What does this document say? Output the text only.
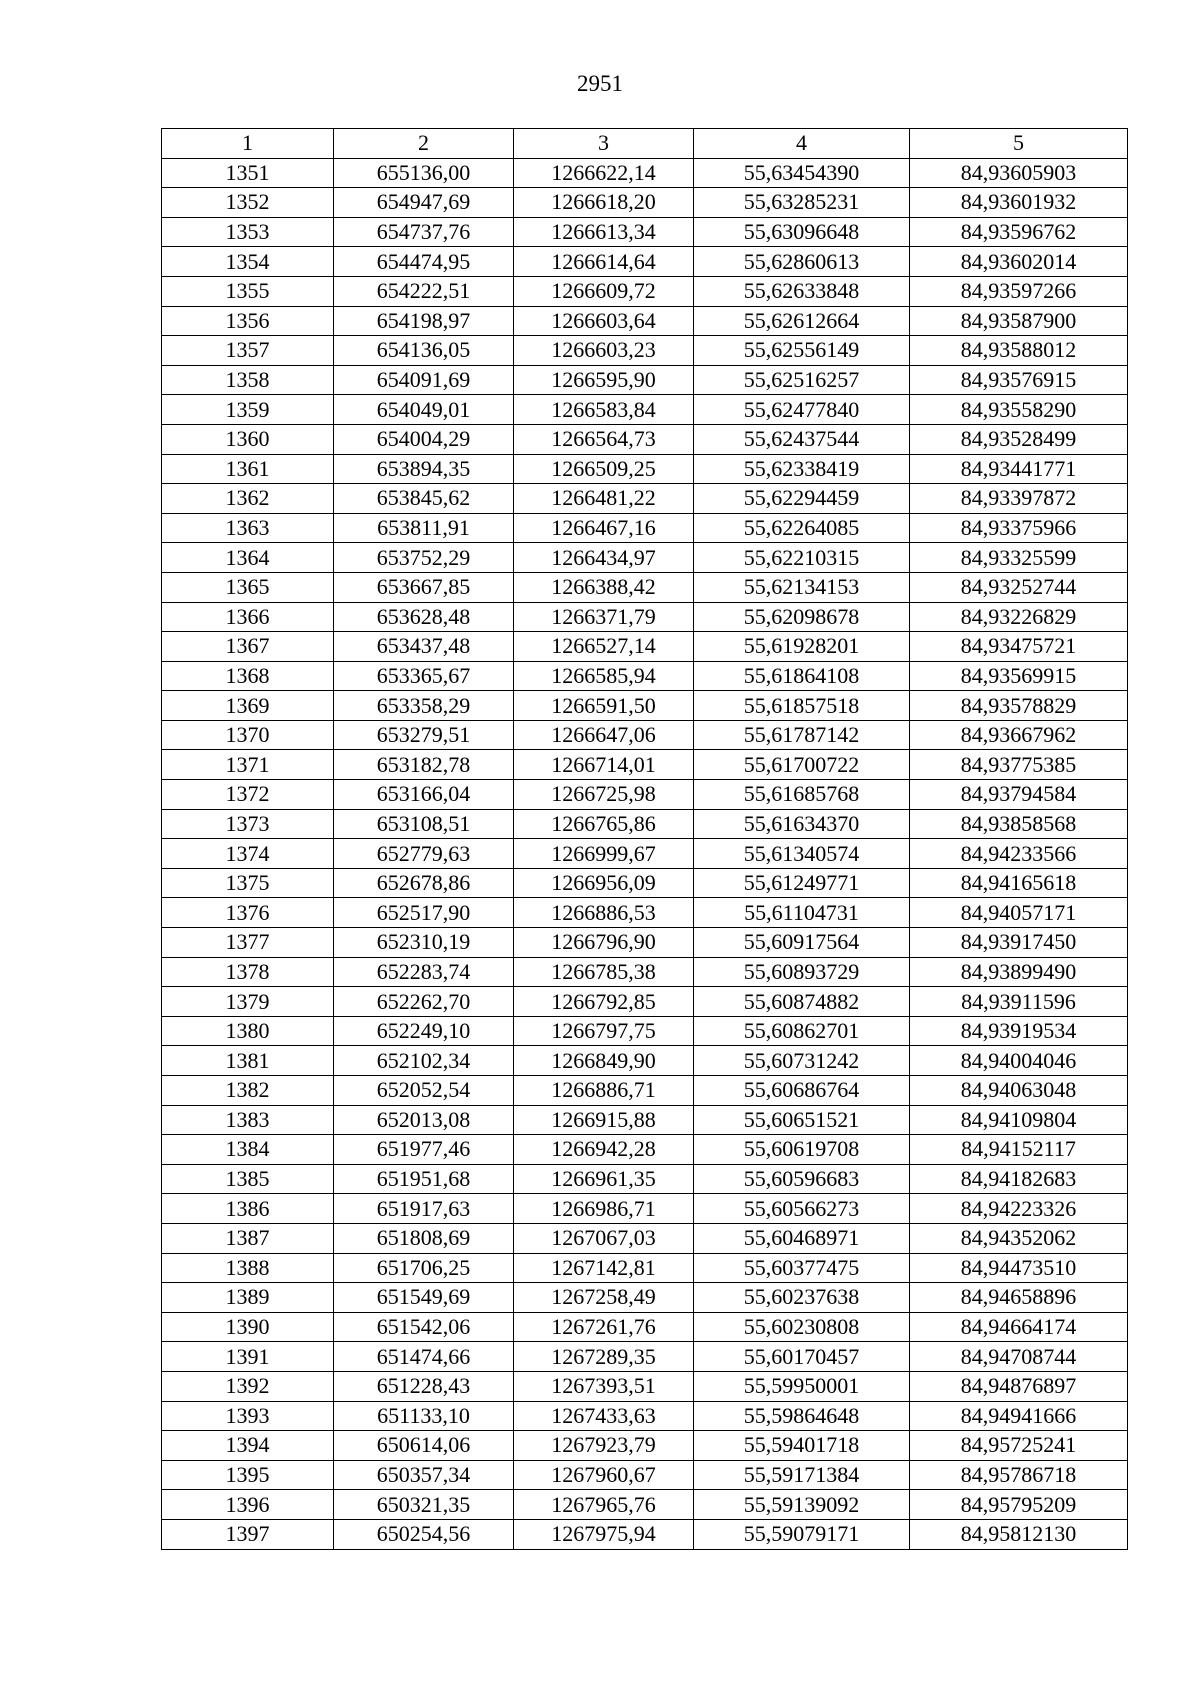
2951
1	2	3	4	5
1351	655136,00	1266622,14	55,63454390	84,93605903
1352	654947,69	1266618,20	55,63285231	84,93601932
1353	654737,76	1266613,34	55,63096648	84,93596762
1354	654474,95	1266614,64	55,62860613	84,93602014
1355	654222,51	1266609,72	55,62633848	84,93597266
1356	654198,97	1266603,64	55,62612664	84,93587900
1357	654136,05	1266603,23	55,62556149	84,93588012
1358	654091,69	1266595,90	55,62516257	84,93576915
1359	654049,01	1266583,84	55,62477840	84,93558290
1360	654004,29	1266564,73	55,62437544	84,93528499
1361	653894,35	1266509,25	55,62338419	84,93441771
1362	653845,62	1266481,22	55,62294459	84,93397872
1363	653811,91	1266467,16	55,62264085	84,93375966
1364	653752,29	1266434,97	55,62210315	84,93325599
1365	653667,85	1266388,42	55,62134153	84,93252744
1366	653628,48	1266371,79	55,62098678	84,93226829
1367	653437,48	1266527,14	55,61928201	84,93475721
1368	653365,67	1266585,94	55,61864108	84,93569915
1369	653358,29	1266591,50	55,61857518	84,93578829
1370	653279,51	1266647,06	55,61787142	84,93667962
1371	653182,78	1266714,01	55,61700722	84,93775385
1372	653166,04	1266725,98	55,61685768	84,93794584
1373	653108,51	1266765,86	55,61634370	84,93858568
1374	652779,63	1266999,67	55,61340574	84,94233566
1375	652678,86	1266956,09	55,61249771	84,94165618
1376	652517,90	1266886,53	55,61104731	84,94057171
1377	652310,19	1266796,90	55,60917564	84,93917450
1378	652283,74	1266785,38	55,60893729	84,93899490
1379	652262,70	1266792,85	55,60874882	84,93911596
1380	652249,10	1266797,75	55,60862701	84,93919534
1381	652102,34	1266849,90	55,60731242	84,94004046
1382	652052,54	1266886,71	55,60686764	84,94063048
1383	652013,08	1266915,88	55,60651521	84,94109804
1384	651977,46	1266942,28	55,60619708	84,94152117
1385	651951,68	1266961,35	55,60596683	84,94182683
1386	651917,63	1266986,71	55,60566273	84,94223326
1387	651808,69	1267067,03	55,60468971	84,94352062
1388	651706,25	1267142,81	55,60377475	84,94473510
1389	651549,69	1267258,49	55,60237638	84,94658896
1390	651542,06	1267261,76	55,60230808	84,94664174
1391	651474,66	1267289,35	55,60170457	84,94708744
1392	651228,43	1267393,51	55,59950001	84,94876897
1393	651133,10	1267433,63	55,59864648	84,94941666
1394	650614,06	1267923,79	55,59401718	84,95725241
1395	650357,34	1267960,67	55,59171384	84,95786718
1396	650321,35	1267965,76	55,59139092	84,95795209
1397	650254,56	1267975,94	55,59079171	84,95812130
